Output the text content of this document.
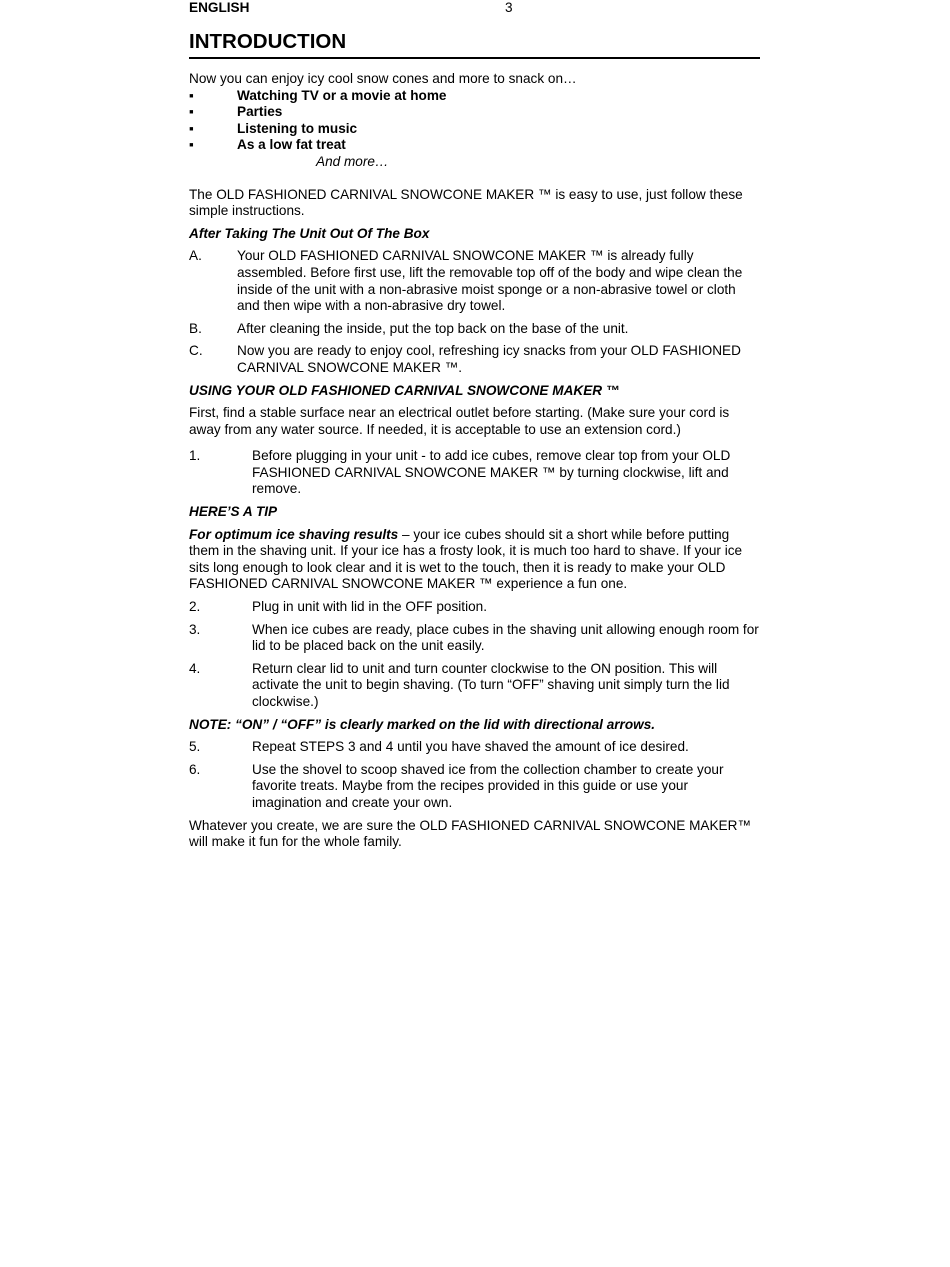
ENGLISH	3
INTRODUCTION

Now you can enjoy icy cool snow cones and more to snack on…

▪	Watching TV or a movie at home
▪	Parties
▪	Listening to music
▪	As a low fat treat

And more…

The OLD FASHIONED CARNIVAL SNOWCONE MAKER ™ is easy to use, just follow these simple instructions.

After Taking The Unit Out Of The Box

A.	Your OLD FASHIONED CARNIVAL SNOWCONE MAKER ™ is already fully assembled. Before first use, lift the removable top off of the body and wipe clean the inside of the unit with a non-abrasive moist sponge or a non-abrasive towel or cloth and then wipe with a non-abrasive dry towel.
B.	After cleaning the inside, put the top back on the base of the unit.
C.	Now you are ready to enjoy cool, refreshing icy snacks from your OLD FASHIONED CARNIVAL SNOWCONE MAKER ™.

USING YOUR OLD FASHIONED CARNIVAL SNOWCONE MAKER ™

First, find a stable surface near an electrical outlet before starting. (Make sure your cord is away from any water source. If needed, it is acceptable to use an extension cord.)

1.	Before plugging in your unit - to add ice cubes, remove clear top from your OLD FASHIONED CARNIVAL SNOWCONE MAKER ™ by turning clockwise, lift and remove.

HERE’S A TIP

For optimum ice shaving results – your ice cubes should sit a short while before putting them in the shaving unit. If your ice has a frosty look, it is much too hard to shave. If your ice sits long enough to look clear and it is wet to the touch, then it is ready to make your OLD FASHIONED CARNIVAL SNOWCONE MAKER ™ experience a fun one.

2.	Plug in unit with lid in the OFF position.
3.	When ice cubes are ready, place cubes in the shaving unit allowing enough room for lid to be placed back on the unit easily.
4.	Return clear lid to unit and turn counter clockwise to the ON position. This will activate the unit to begin shaving. (To turn “OFF” shaving unit simply turn the lid clockwise.)

NOTE: “ON” / “OFF” is clearly marked on the lid with directional arrows.

5.	Repeat STEPS 3 and 4 until you have shaved the amount of ice desired.
6.	Use the shovel to scoop shaved ice from the collection chamber to create your favorite treats. Maybe from the recipes provided in this guide or use your imagination and create your own.

Whatever you create, we are sure the OLD FASHIONED CARNIVAL SNOWCONE MAKER™ will make it fun for the whole family.
